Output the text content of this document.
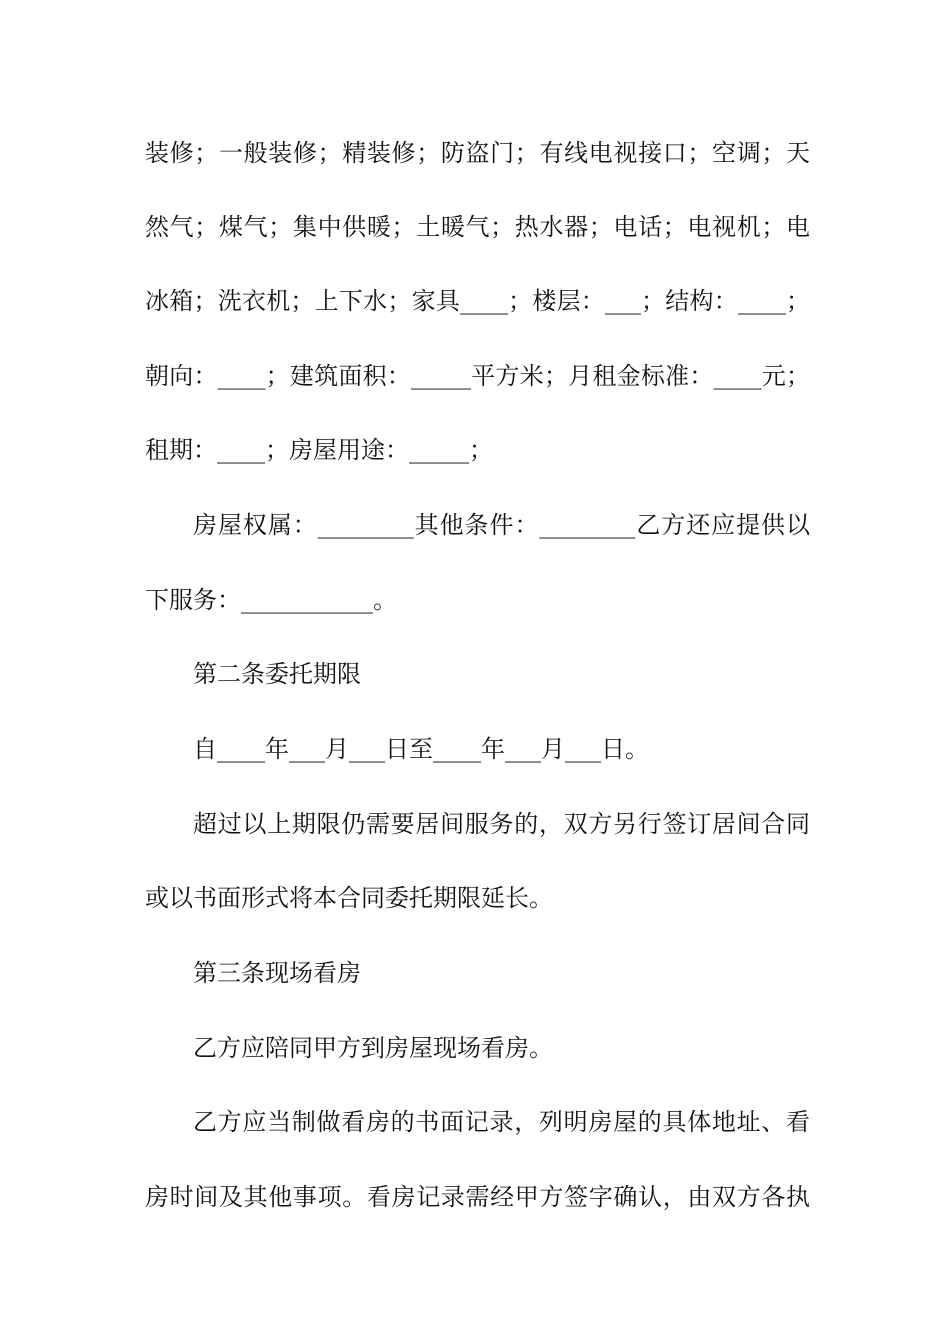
装修；一般装修；精装修；防盗门；有线电视接口；空调；天
然气；煤气；集中供暖；土暖气；热水器；电话；电视机；电
冰箱；洗衣机；上下水；家具____；楼层：___；结构：____；
朝向：____；建筑面积：_____平方米；月租金标准：____元；
租期：____；房屋用途：_____；
房屋权属：________其他条件：________乙方还应提供以
下服务：___________。
第二条委托期限
自____年___月___日至____年___月___日。
超过以上期限仍需要居间服务的，双方另行签订居间合同
或以书面形式将本合同委托期限延长。
第三条现场看房
乙方应陪同甲方到房屋现场看房。
乙方应当制做看房的书面记录，列明房屋的具体地址、看
房时间及其他事项。看房记录需经甲方签字确认，由双方各执
